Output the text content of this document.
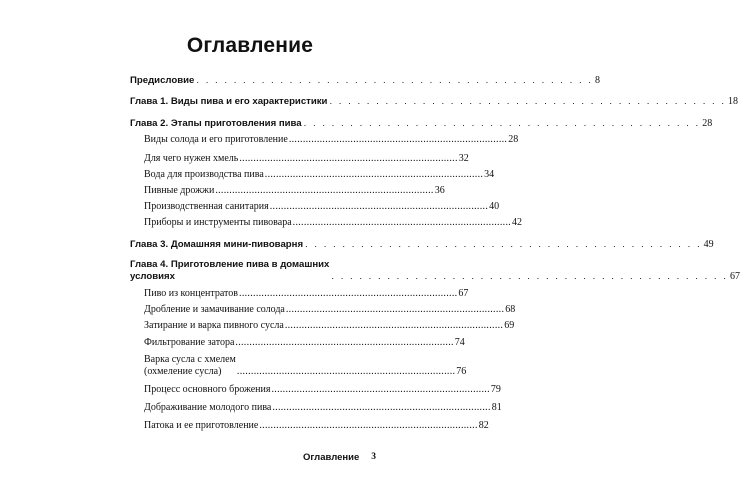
Оглавление
Предисловие . . . . . . . . . . . . . . . . . . . . . . . . . . . . . . . . . . . . . . . . . . . 8
Глава 1. Виды пива и его характеристики . . . . . . . . . . . . . . . . . . . . . . . . . . . . . . . . . . . . . . . . . . . 18
Глава 2. Этапы приготовления пива . . . . . . . . . . . . . . . . . . . . . . . . . . . . . . . . . . . . . . . . . . . 28
Виды солода и его приготовление .............................................................................. 28
Для чего нужен хмель .............................................................................. 32
Вода для производства пива .............................................................................. 34
Пивные дрожжи .............................................................................. 36
Производственная санитария .............................................................................. 40
Приборы и инструменты пивовара .............................................................................. 42
Глава 3. Домашняя мини-пивоварня . . . . . . . . . . . . . . . . . . . . . . . . . . . . . . . . . . . . . . . . . . . 49
Глава 4. Приготовление пива в домашних
условиях	. . . . . . . . . . . . . . . . . . . . . . . . . . . . . . . . . . . . . . . . . . . 67
Пиво из концентратов .............................................................................. 67
Дробление и замачивание солода .............................................................................. 68
Затирание и варка пивного сусла .............................................................................. 69
Фильтрование затора .............................................................................. 74
Варка сусла с хмелем
(охмеление сусла)	.............................................................................. 76
Процесс основного брожения .............................................................................. 79
Дображивание молодого пива .............................................................................. 81
Патока и ее приготовление .............................................................................. 82
Оглавление 3
